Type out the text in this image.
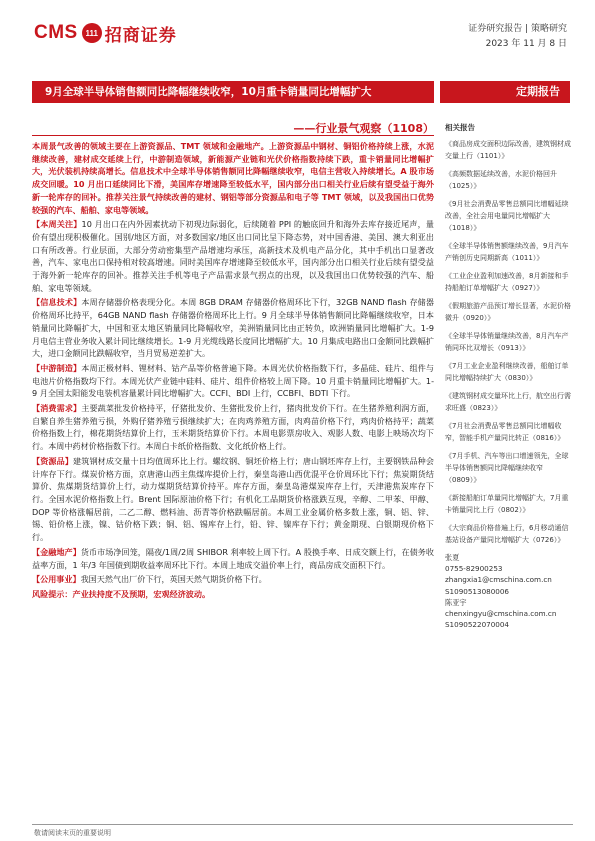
CMS 111 招商证券	证券研究报告 | 策略研究
2023 年 11 月 8 日
9月全球半导体销售额同比降幅继续收窄，10月重卡销量同比增幅扩大	定期报告
——行业景气观察（1108）

本周景气改善的领域主要在上游资源品、TMT 领域和金融地产。上游资源品中钢材、铜铝价格持续上涨，水泥继续改善，建材成交延续上行，中游制造领域，新能源产业链和光伏价格指数持续下跌，重卡销量同比增幅扩大，光伏装机持续高增长。信息技术中全球半导体销售额同比降幅继续收窄，电信主营收入持续增长。A 股市场成交回暖。10 月出口延续同比下滑，美国库存增速降至较低水平，国内部分出口相关行业后续有望受益于海外新一轮库存的回补。推荐关注景气持续改善的建材、钢铝等部分资源品和电子等 TMT 领域，以及我国出口优势较强的汽车、船舶、家电等领域。

【本周关注】10 月出口在内外因素扰动下初现边际弱化，后续随着 PPI 的触底回升和海外去库存接近尾声，量价有望出现积极催化。国别/地区方面，对多数国家/地区出口同比呈下降态势，对中国香港、美国、澳大利亚出口有所改善。行业层面，大部分劳动密集型产品增速均承压，高新技术及机电产品分化，其中手机出口显著改善，汽车、家电出口保持相对较高增速。同时美国库存增速降至较低水平，国内部分出口相关行业后续有望受益于海外新一轮库存的回补。推荐关注手机等电子产品需求景气拐点的出现，以及我国出口优势较强的汽车、船舶、家电等领域。

【信息技术】本周存储器价格表现分化。本周 8GB DRAM 存储器价格周环比下行，32GB NAND flash 存储器价格周环比持平，64GB NAND flash 存储器价格周环比上行。9 月全球半导体销售额同比降幅继续收窄，日本销量同比降幅扩大，中国和亚太地区销量同比降幅收窄，美洲销量同比由正转负，欧洲销量同比增幅扩大。1-9 月电信主营业务收入累计同比继续增长。1-9 月光缆线路长度同比增幅扩大。10 月集成电路出口金额同比跌幅扩大，进口金额同比跌幅收窄，当月贸易逆差扩大。

【中游制造】本周正极材料、锂材料、钴产品等价格普遍下降。本周光伏价格指数下行，多晶硅、硅片、组件与电池片价格指数均下行。本周光伏产业链中硅料、硅片、组件价格较上周下降。10 月重卡销量同比增幅扩大。1-9 月全国太阳能发电装机容量累计同比增幅扩大。CCFI、BDI 上行，CCBFI、BDTI 下行。

【消费需求】主要蔬菜批发价格持平，仔猪批发价、生猪批发价上行，猪肉批发价下行。在生猪养殖利润方面，自繁自养生猪养殖亏损，外购仔猪养殖亏损继续扩大；在肉鸡养殖方面，肉鸡苗价格下行，鸡肉价格持平；蔬菜价格指数上行，棉花期货结算价上行，玉米期货结算价下行。本周电影票房收入、观影人数、电影上映场次均下行。本周中药材价格指数下行。本周白卡纸价格指数、文化纸价格上行。

【资源品】建筑钢材成交量十日均值周环比上行。螺纹钢、铜坯价格上行；唐山钢坯库存上行，主要钢铁品种会计库存下行。煤炭价格方面，京唐港山西主焦煤库提价上行，秦皇岛港山西优混平仓价周环比下行；焦炭期货结算价、焦煤期货结算价上行，动力煤期货结算价持平。库存方面，秦皇岛港煤炭库存上行，天津港焦炭库存下行。全国水泥价格指数上行。Brent 国际原油价格下行；有机化工品期货价格涨跌互现，辛醇、二甲苯、甲醇、DOP 等价格涨幅居前，二乙二醇、燃料油、沥青等价格跌幅居前。本周工业金属价格多数上涨，铜、铝、锌、锡、铅价格上涨，镍、钴价格下跌；铜、铝、锡库存上行，铅、锌、镍库存下行；黄金期现、白银期现价格下行。

【金融地产】货币市场净回笼，隔夜/1周/2周 SHIBOR 利率较上周下行。A 股换手率、日成交额上行，在债务收益率方面，1 年/3 年国债到期收益率周环比下行。本周上地成交溢价率上行，商品房成交面积下行。

【公用事业】我国天然气出厂价下行，英国天然气期货价格下行。

风险提示：产业扶持度不及预期，宏观经济波动。

相关报告
《商品房成交面积边际改善，建筑钢材成交量上行（1101）》
《高频数据延续改善，水泥价格回升（1025）》
《9月社会消费品零售总额同比增幅延续改善，全社会用电量同比增幅扩大（1018）》
《全球半导体销售额继续改善，9月汽车产销创历史同期新高（1011）》
《工业企业盈利加速改善，8月新接和手持船舶订单增幅扩大（0927）》
《假期旅游产品预订增长显著，水泥价格微升（0920）》
《全球半导体销量继续改善，8月汽车产销同环比双增长（0913）》
《7月工业企业盈利继续改善，船舶订单同比增幅持续扩大（0830）》
《建筑钢材成交量环比上行，航空出行需求旺盛（0823）》
《7月社会消费品零售总额同比增幅收窄，智能手机产量同比转正（0816）》
《7月手机、汽车等出口增速领先，全球半导体销售额同比降幅继续收窄（0809）》
《新接船舶订单量同比增幅扩大，7月重卡销量同比上行（0802）》
《大宗商品价格普遍上行，6月移动通信基站设备产量同比增幅扩大（0726）》
张夏
0755-82900253
zhangxia1@cmschina.com.cn
S1090513080006
陈亚宇
chenxingyu@cmschina.com.cn
S1090522070004
敬请阅读末页的重要说明
